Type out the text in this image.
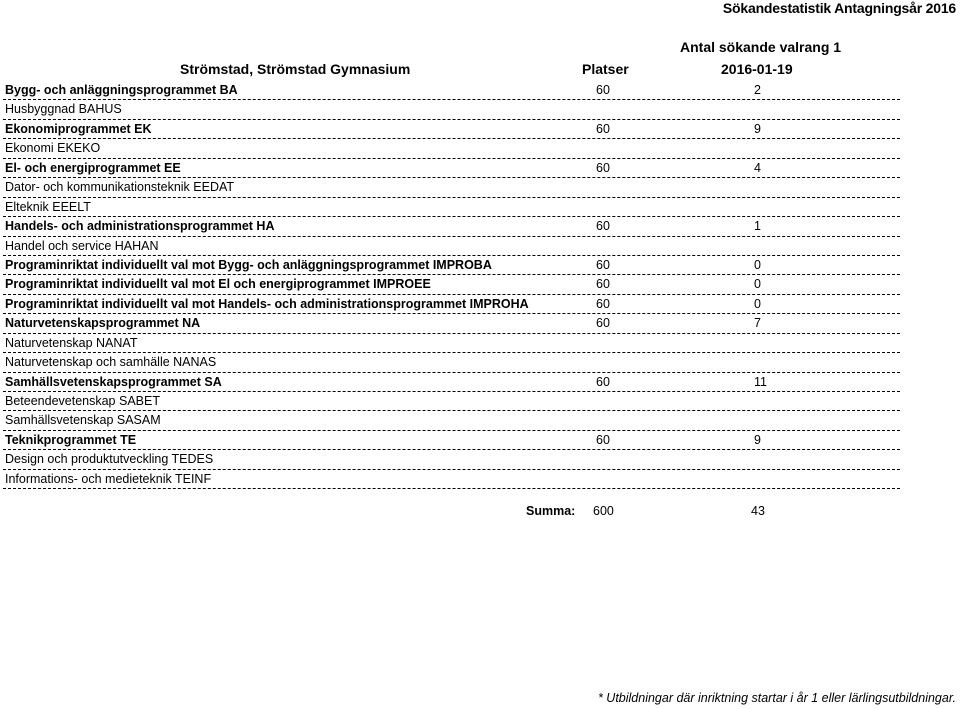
Sökandestatistik Antagningsår 2016
Strömstad, Strömstad Gymnasium	Platser
Antal sökande valrang 1
2016-01-19
Bygg- och anläggningsprogrammet BA	60	2
Husbyggnad BAHUS
Ekonomiprogrammet EK	60	9
Ekonomi EKEKO
El- och energiprogrammet EE	60	4
Dator- och kommunikationsteknik EEDAT
Elteknik EEELT
Handels- och administrationsprogrammet HA	60	1
Handel och service HAHAN
Programinriktat individuellt val mot Bygg- och anläggningsprogrammet IMPROBA	60	0
Programinriktat individuellt val mot El och energiprogrammet IMPROEE	60	0
Programinriktat individuellt val mot Handels- och administrationsprogrammet IMPROHA	60	0
Naturvetenskapsprogrammet NA	60	7
Naturvetenskap NANAT
Naturvetenskap och samhälle NANAS
Samhällsvetenskapsprogrammet SA	60	11
Beteendevetenskap SABET
Samhällsvetenskap SASAM
Teknikprogrammet TE	60	9
Design och produktutveckling TEDES
Informations- och medieteknik TEINF
Summa: 600	43
* Utbildningar där inriktning startar i år 1 eller lärlingsutbildningar.
